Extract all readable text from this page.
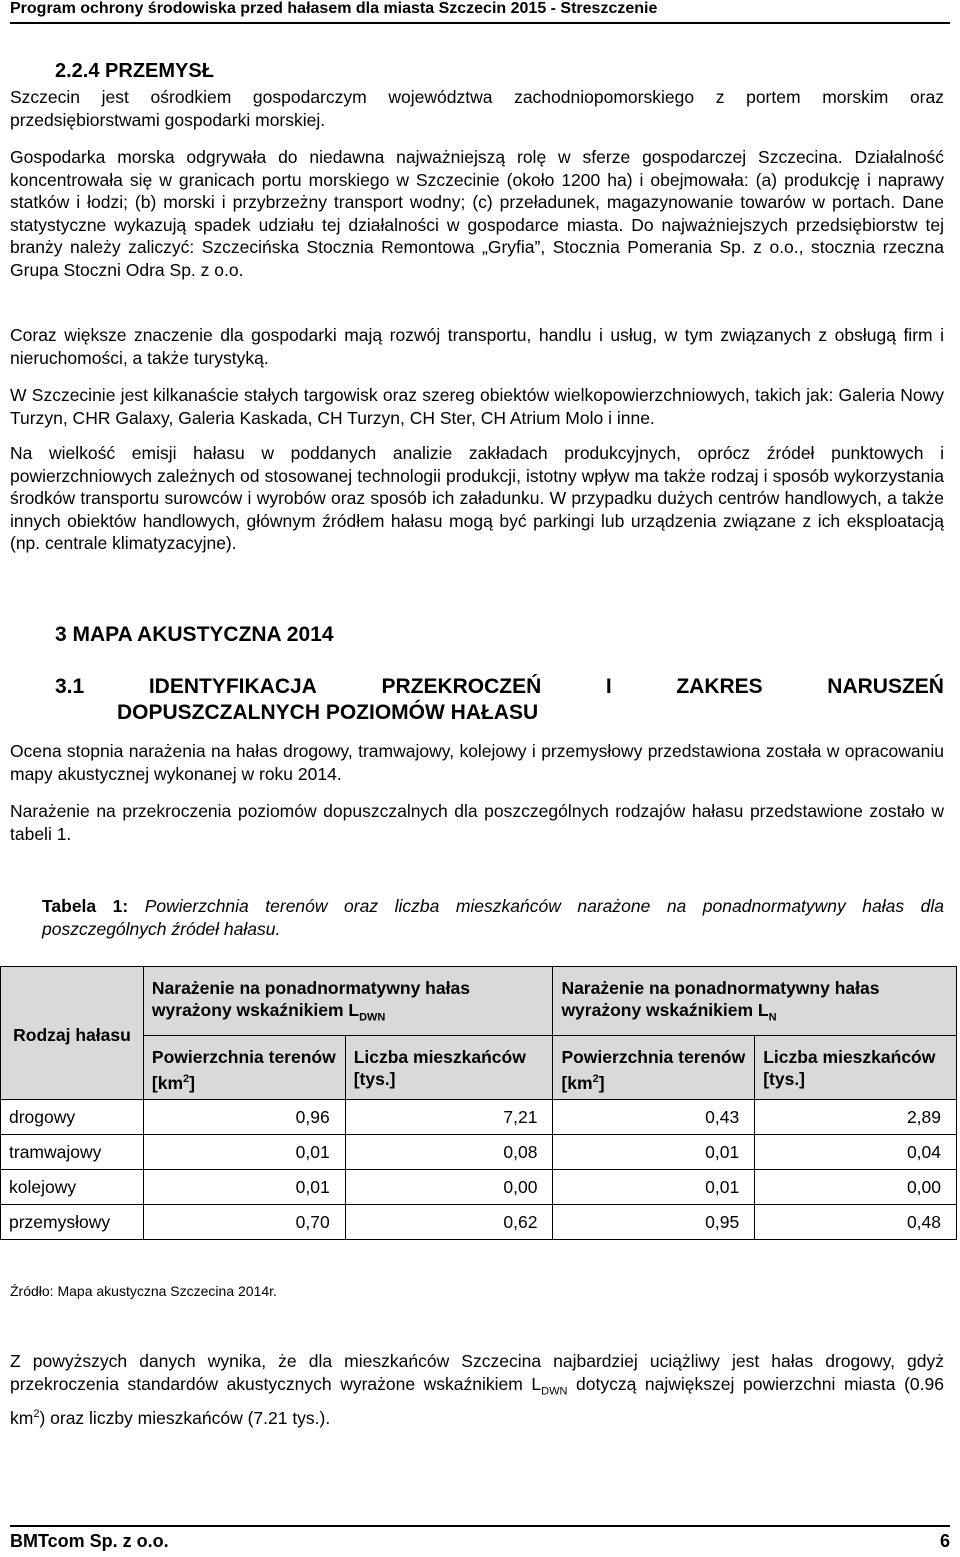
Program ochrony środowiska przed hałasem dla miasta Szczecin 2015 - Streszczenie
2.2.4 PRZEMYSŁ
Szczecin jest ośrodkiem gospodarczym województwa zachodniopomorskiego z portem morskim oraz przedsiębiorstwami gospodarki morskiej.
Gospodarka morska odgrywała do niedawna najważniejszą rolę w sferze gospodarczej Szczecina. Działalność koncentrowała się w granicach portu morskiego w Szczecinie (około 1200 ha) i obejmowała: (a) produkcję i naprawy statków i łodzi; (b) morski i przybrzeżny transport wodny; (c) przeładunek, magazynowanie towarów w portach. Dane statystyczne wykazują spadek udziału tej działalności w gospodarce miasta. Do najważniejszych przedsiębiorstw tej branży należy zaliczyć: Szczecińska Stocznia Remontowa „Gryfia”, Stocznia Pomerania Sp. z o.o., stocznia rzeczna Grupa Stoczni Odra Sp. z o.o.
Coraz większe znaczenie dla gospodarki mają rozwój transportu, handlu i usług, w tym związanych z obsługą firm i nieruchomości, a także turystyką.
W Szczecinie jest kilkanaście stałych targowisk oraz szereg obiektów wielkopowierzchniowych, takich jak: Galeria Nowy Turzyn, CHR Galaxy, Galeria Kaskada, CH Turzyn, CH Ster, CH Atrium Molo i inne.
Na wielkość emisji hałasu w poddanych analizie zakładach produkcyjnych, oprócz źródeł punktowych i powierzchniowych zależnych od stosowanej technologii produkcji, istotny wpływ ma także rodzaj i sposób wykorzystania środków transportu surowców i wyrobów oraz sposób ich załadunku. W przypadku dużych centrów handlowych, a także innych obiektów handlowych, głównym źródłem hałasu mogą być parkingi lub urządzenia związane z ich eksploatacją (np. centrale klimatyzacyjne).
3 MAPA AKUSTYCZNA 2014
3.1	IDENTYFIKACJA	PRZEKROCZEŃ	I	ZAKRES	NARUSZEŃ
DOPUSZCZALNYCH POZIOMÓW HAŁASU
Ocena stopnia narażenia na hałas drogowy, tramwajowy, kolejowy i przemysłowy przedstawiona została w opracowaniu mapy akustycznej wykonanej w roku 2014.
Narażenie na przekroczenia poziomów dopuszczalnych dla poszczególnych rodzajów hałasu przedstawione zostało w tabeli 1.
Tabela 1: Powierzchnia terenów oraz liczba mieszkańców narażone na ponadnormatywny hałas dla poszczególnych źródeł hałasu.
Rodzaj hałasu	Narażenie na ponadnormatywny hałas wyrażony wskaźnikiem $L_{DWN}$		Narażenie na ponadnormatywny hałas wyrażony wskaźnikiem $L_N$
	Powierzchnia terenów $[km^2]$	Liczba mieszkańców [tys.]	Powierzchnia terenów $[km^2]$	Liczba mieszkańców [tys.]
drogowy	0,96	7,21	0,43	2,89
tramwajowy	0,01	0,08	0,01	0,04
kolejowy	0,01	0,00	0,01	0,00
przemysłowy	0,70	0,62	0,95	0,48
Źródło: Mapa akustyczna Szczecina 2014r.
Z powyższych danych wynika, że dla mieszkańców Szczecina najbardziej uciążliwy jest hałas drogowy, gdyż przekroczenia standardów akustycznych wyrażone wskaźnikiem $L_{DWN}$ dotyczą największej powierzchni miasta (0.96 $km^2$) oraz liczby mieszkańców (7.21 tys.).
BMTcom Sp. z o.o.	6
